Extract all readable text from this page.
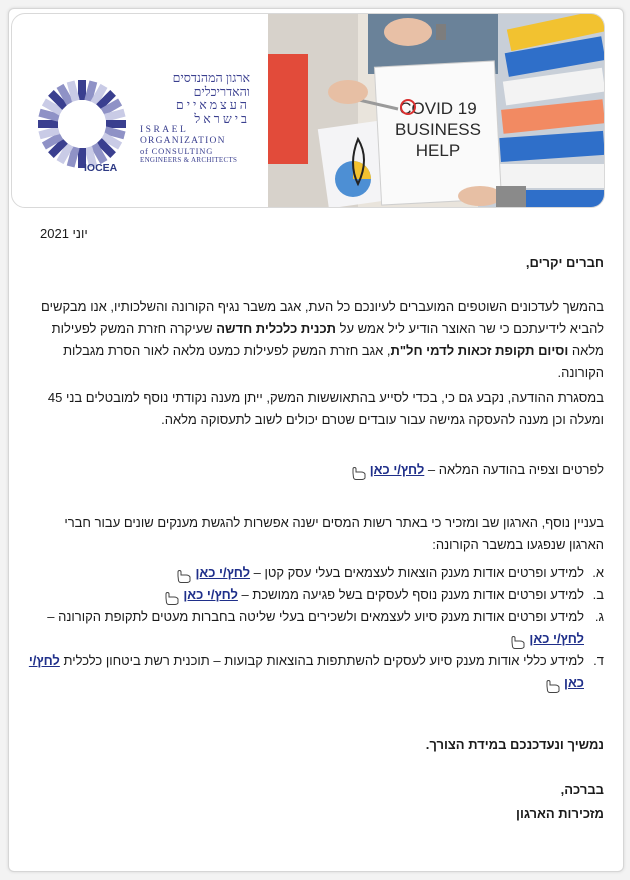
ארגון המהנדסים

והאדריכלים

העצמאיים

בישראל

ISRAEL

ORGANIZATION

of CONSULTING

ENGINEERS & ARCHITECTS

IOCEA
COVID 19
BUSINESS
HELP
יוני 2021
חברים יקרים,
בהמשך לעדכונים השוטפים המועברים לעיונכם כל העת, אגב משבר נגיף הקורונה והשלכותיו, אנו מבקשים להביא לידיעתכם כי שר האוצר הודיע ליל אמש על תכנית כלכלית חדשה שעיקרה חזרת המשק לפעילות מלאה וסיום תקופת זכאות לדמי חל"ת, אגב חזרת המשק לפעילות כמעט מלאה לאור הסרת מגבלות הקורונה.
במסגרת ההודעה, נקבע גם כי, בכדי לסייע בהתאוששות המשק, ייתן מענה נקודתי נוסף למובטלים בני 45 ומעלה וכן מענה להעסקה גמישה עבור עובדים שטרם יכולים לשוב לתעסוקה מלאה.
לפרטים וצפיה בהודעה המלאה – לחץ/י כאן
בעניין נוסף, הארגון שב ומזכיר כי באתר רשות המסים ישנה אפשרות להגשת מענקים שונים עבור חברי הארגון שנפגעו במשבר הקורונה:
א.
למידע ופרטים אודות מענק הוצאות לעצמאים בעלי עסק קטן – לחץ/י כאן
ב.
למידע ופרטים אודות מענק נוסף לעסקים בשל פגיעה ממושכת – לחץ/י כאן
ג.
למידע ופרטים אודות מענק סיוע לעצמאים ולשכירים בעלי שליטה בחברות מעטים לתקופת הקורונה – לחץ/י כאן
ד.
למידע כללי אודות מענק סיוע לעסקים להשתתפות בהוצאות קבועות – תוכנית רשת ביטחון כלכלית לחץ/י כאן
נמשיך ונעדכנכם במידת הצורך.
בברכה,
מזכירות הארגון
